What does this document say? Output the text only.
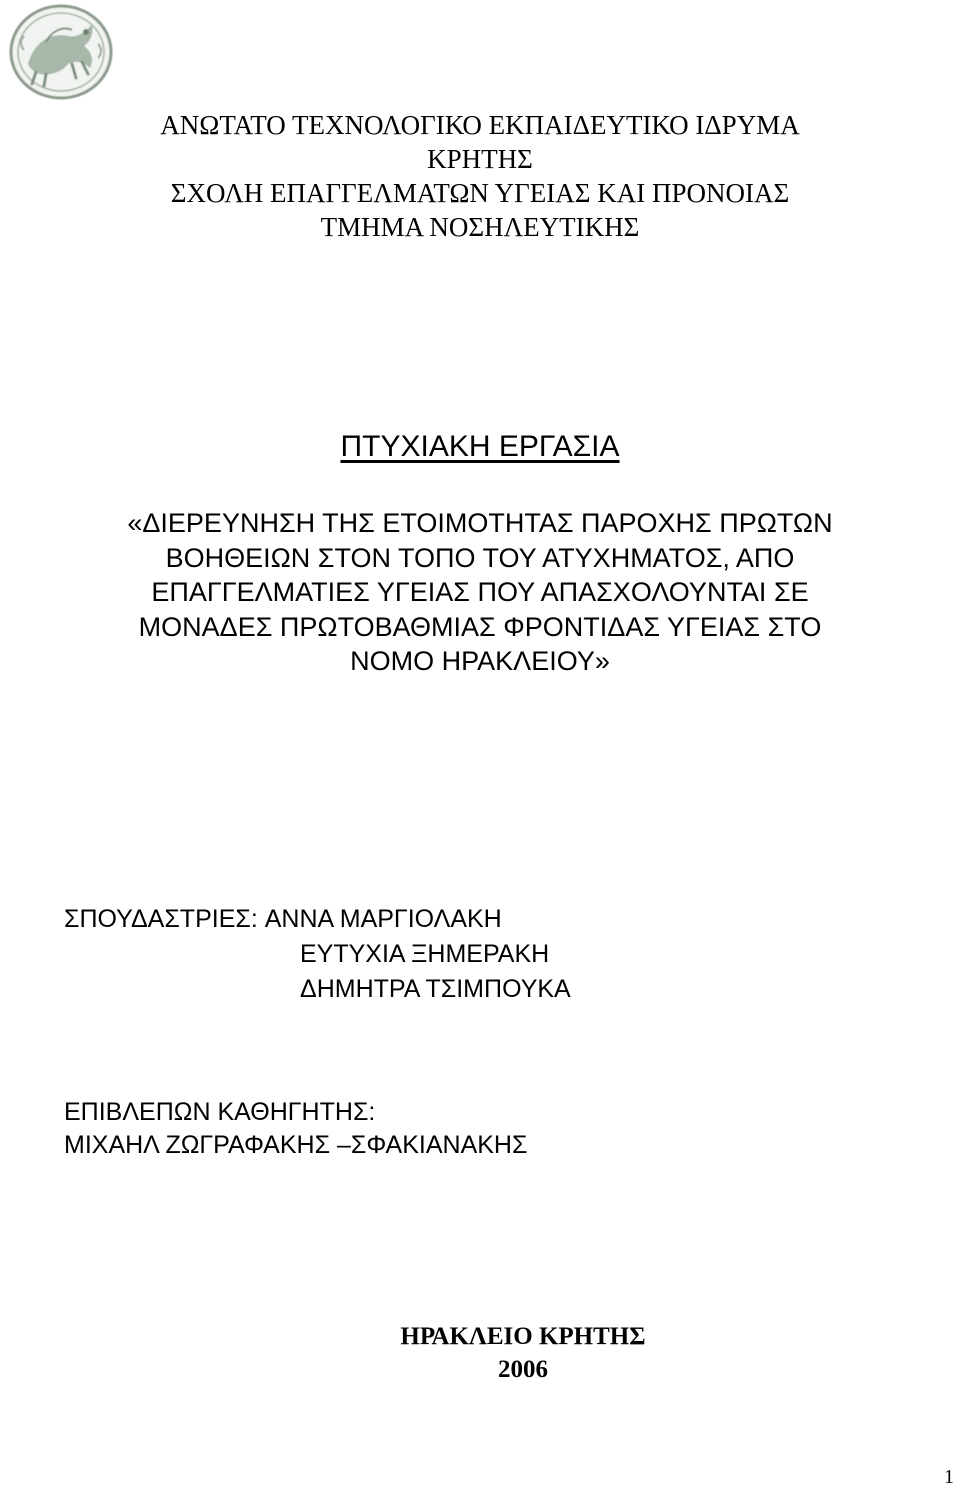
ΑΝΩΤΑΤΟ ΤΕΧΝΟΛΟΓΙΚΟ ΕΚΠΑΙΔΕΥΤΙΚΟ ΙΔΡΥΜΑ
ΚΡΗΤΗΣ
ΣΧΟΛΗ ΕΠΑΓΓΕΛΜΑΤΩΝ ΥΓΕΙΑΣ ΚΑΙ ΠΡΟΝΟΙΑΣ
ΤΜΗΜΑ ΝΟΣΗΛΕΥΤΙΚΗΣ
ΠΤΥΧΙΑΚΗ ΕΡΓΑΣΙΑ
«ΔΙΕΡΕΥΝΗΣΗ ΤΗΣ ΕΤΟΙΜΟΤΗΤΑΣ ΠΑΡΟΧΗΣ ΠΡΩΤΩΝ
ΒΟΗΘΕΙΩΝ ΣΤΟΝ ΤΟΠΟ ΤΟΥ ΑΤΥΧΗΜΑΤΟΣ, ΑΠΟ
ΕΠΑΓΓΕΛΜΑΤΙΕΣ ΥΓΕΙΑΣ ΠΟΥ ΑΠΑΣΧΟΛΟΥΝΤΑΙ ΣΕ
ΜΟΝΑΔΕΣ ΠΡΩΤΟΒΑΘΜΙΑΣ ΦΡΟΝΤΙΔΑΣ ΥΓΕΙΑΣ ΣΤΟ
ΝΟΜΟ ΗΡΑΚΛΕΙΟΥ»
ΣΠΟΥΔΑΣΤΡΙΕΣ: ΑΝΝΑ ΜΑΡΓΙΟΛΑΚΗ
ΕΥΤΥΧΙΑ ΞΗΜΕΡΑΚΗ
ΔΗΜΗΤΡΑ ΤΣΙΜΠΟΥΚΑ
ΕΠΙΒΛΕΠΩΝ ΚΑΘΗΓΗΤΗΣ:
ΜΙΧΑΗΛ ΖΩΓΡΑΦΑΚΗΣ –ΣΦΑΚΙΑΝΑΚΗΣ
ΗΡΑΚΛΕΙΟ ΚΡΗΤΗΣ
2006
1
